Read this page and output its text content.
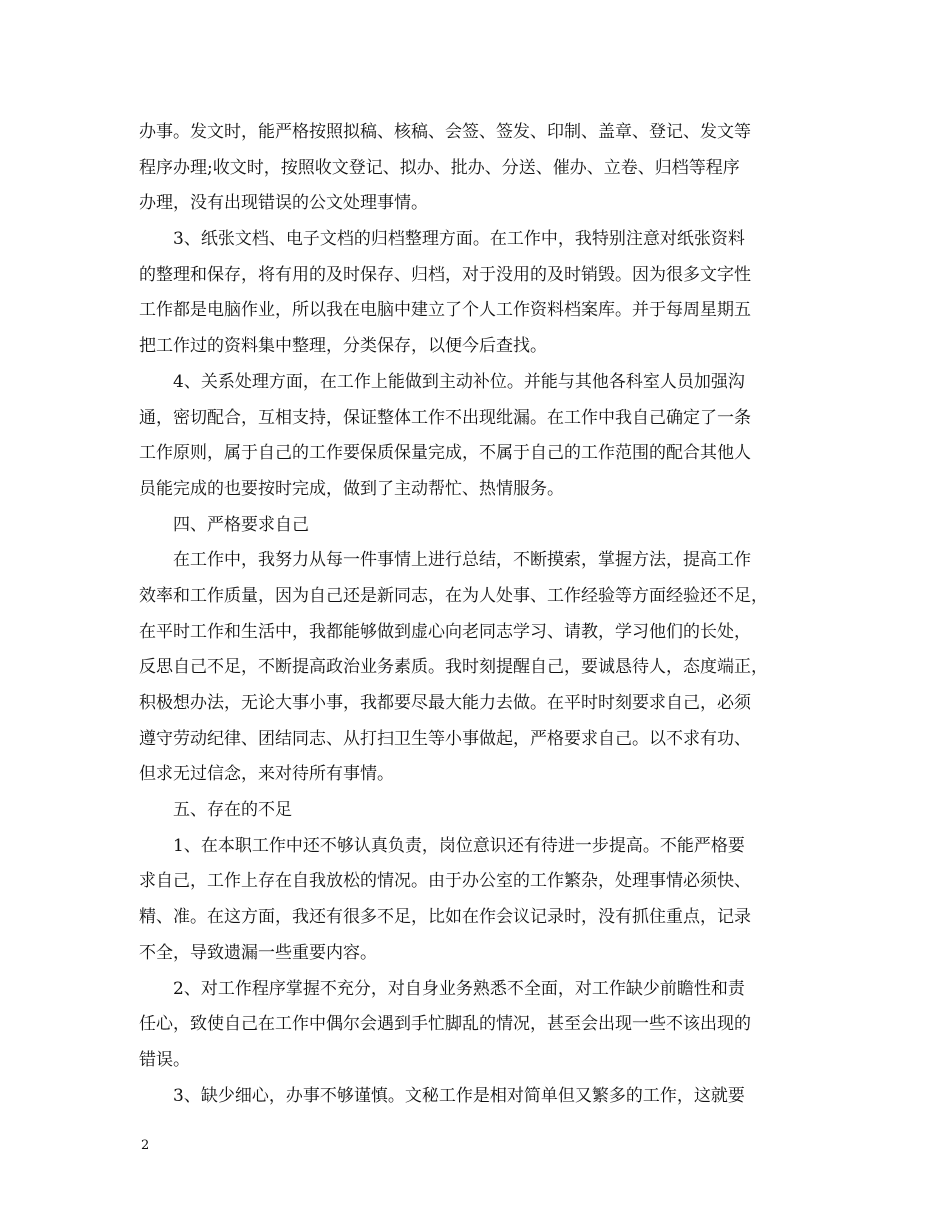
办事。发文时，能严格按照拟稿、核稿、会签、签发、印制、盖章、登记、发文等
程序办理;收文时，按照收文登记、拟办、批办、分送、催办、立卷、归档等程序
办理，没有出现错误的公文处理事情。
3、纸张文档、电子文档的归档整理方面。在工作中，我特别注意对纸张资料
的整理和保存，将有用的及时保存、归档，对于没用的及时销毁。因为很多文字性
工作都是电脑作业，所以我在电脑中建立了个人工作资料档案库。并于每周星期五
把工作过的资料集中整理，分类保存，以便今后查找。
4、关系处理方面，在工作上能做到主动补位。并能与其他各科室人员加强沟
通，密切配合，互相支持，保证整体工作不出现纰漏。在工作中我自己确定了一条
工作原则，属于自己的工作要保质保量完成，不属于自己的工作范围的配合其他人
员能完成的也要按时完成，做到了主动帮忙、热情服务。
四、严格要求自己
在工作中，我努力从每一件事情上进行总结，不断摸索，掌握方法，提高工作
效率和工作质量，因为自己还是新同志，在为人处事、工作经验等方面经验还不足，
在平时工作和生活中，我都能够做到虚心向老同志学习、请教，学习他们的长处，
反思自己不足，不断提高政治业务素质。我时刻提醒自己，要诚恳待人，态度端正，
积极想办法，无论大事小事，我都要尽最大能力去做。在平时时刻要求自己，必须
遵守劳动纪律、团结同志、从打扫卫生等小事做起，严格要求自己。以不求有功、
但求无过信念，来对待所有事情。
五、存在的不足
1、在本职工作中还不够认真负责，岗位意识还有待进一步提高。不能严格要
求自己，工作上存在自我放松的情况。由于办公室的工作繁杂，处理事情必须快、
精、准。在这方面，我还有很多不足，比如在作会议记录时，没有抓住重点，记录
不全，导致遗漏一些重要内容。
2、对工作程序掌握不充分，对自身业务熟悉不全面，对工作缺少前瞻性和责
任心，致使自己在工作中偶尔会遇到手忙脚乱的情况，甚至会出现一些不该出现的
错误。
3、缺少细心，办事不够谨慎。文秘工作是相对简单但又繁多的工作，这就要
2
